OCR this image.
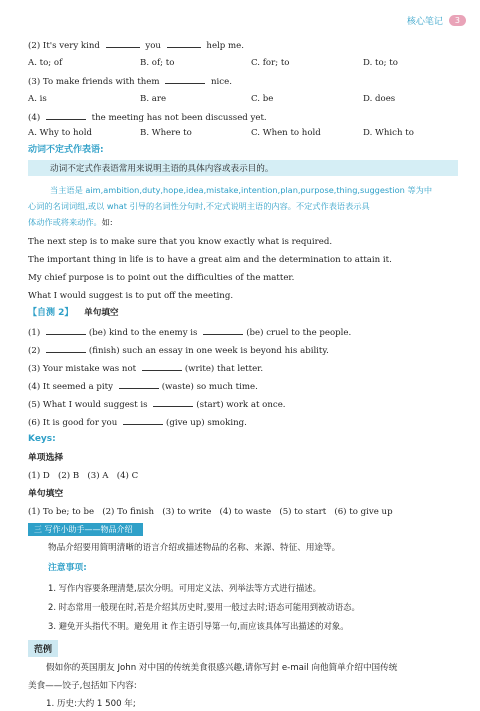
核心笔记	3
(2) It's very kind	you	help me.
A. to; of	B. of; to	C. for; to	D. to; to
(3) To make friends with them	nice.
A. is	B. are	C. be	D. does
(4)	the meeting has not been discussed yet.
A. Why to hold	B. Where to	C. When to hold	D. Which to
动词不定式作表语:
动词不定式作表语常用来说明主语的具体内容或表示目的。
当主语是 aim,ambition,duty,hope,idea,mistake,intention,plan,purpose,thing,suggestion 等为中
心词的名词词组,或以 what 引导的名词性分句时,不定式说明主语的内容。不定式作表语表示具
体动作或将来动作。如:
The next step is to make sure that you know exactly what is required.
The important thing in life is to have a great aim and the determination to attain it.
My chief purpose is to point out the difficulties of the matter.
What I would suggest is to put off the meeting.
【自测 2】 单句填空
(1)	(be) kind to the enemy is	(be) cruel to the people.
(2)	(finish) such an essay in one week is beyond his ability.
(3) Your mistake was not	(write) that letter.
(4) It seemed a pity	(waste) so much time.
(5) What I would suggest is	(start) work at once.
(6) It is good for you	(give up) smoking.
Keys:
单项选择
(1) D   (2) B   (3) A   (4) C
单句填空
(1) To be; to be   (2) To finish   (3) to write   (4) to waste   (5) to start   (6) to give up
三 写作小助手——物品介绍
物品介绍要用简明清晰的语言介绍或描述物品的名称、来源、特征、用途等。
注意事项:
1. 写作内容要条理清楚,层次分明。可用定义法、列举法等方式进行描述。
2. 时态常用一般现在时,若是介绍其历史时,要用一般过去时;语态可能用到被动语态。
3. 避免开头指代不明。避免用 it 作主语引导第一句,而应该具体写出描述的对象。
范例
假如你的英国朋友 John 对中国的传统美食很感兴趣,请你写封 e-mail 向他简单介绍中国传统
美食——饺子,包括如下内容:
1. 历史:大约 1 500 年;
